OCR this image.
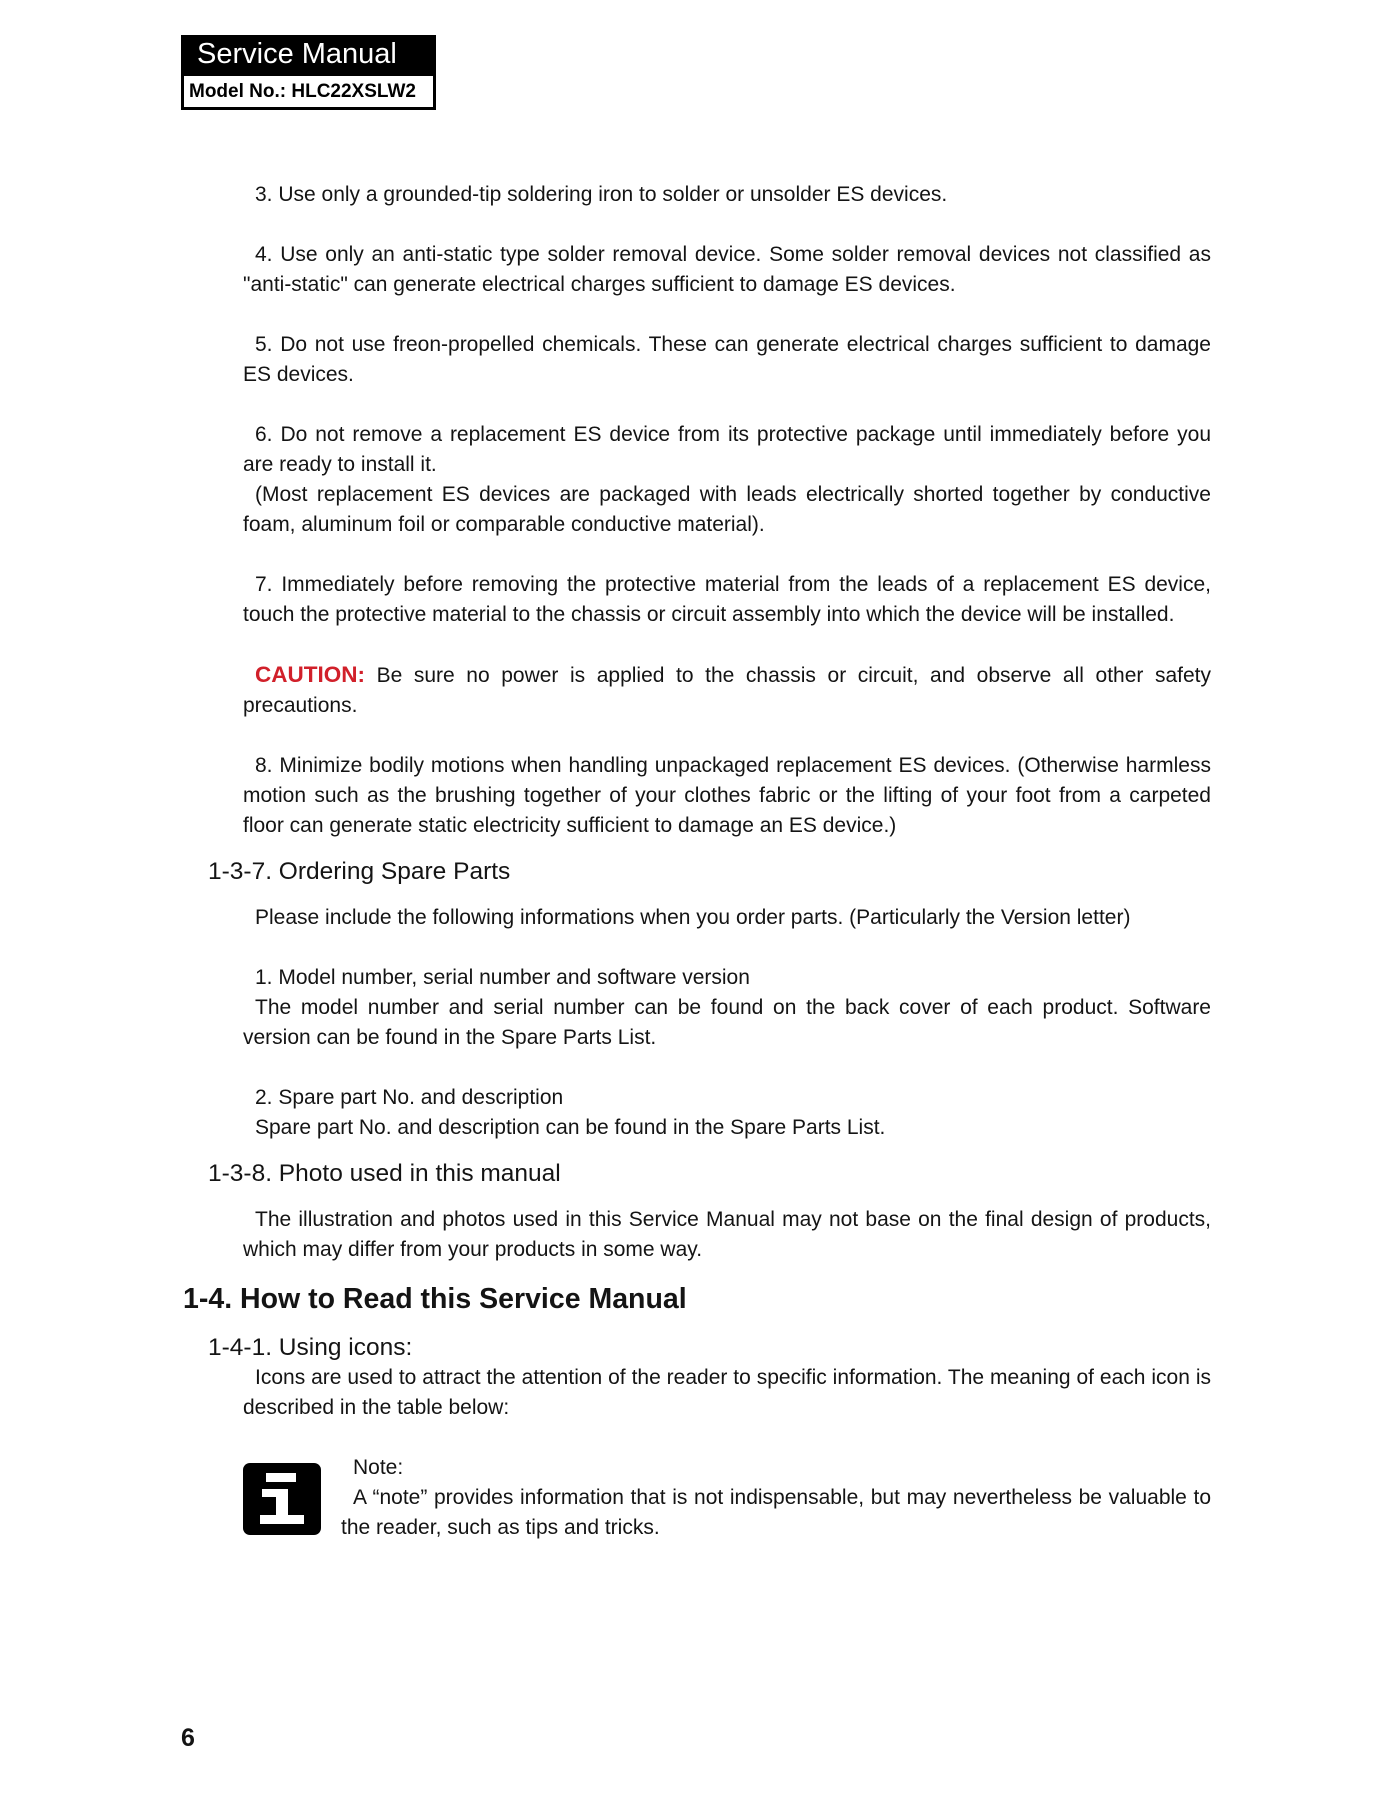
Service Manual
Model No.: HLC22XSLW2

3. Use only a grounded-tip soldering iron to solder or unsolder ES devices.

4. Use only an anti-static type solder removal device. Some solder removal devices not classified as "anti-static" can generate electrical charges sufficient to damage ES devices.

5. Do not use freon-propelled chemicals. These can generate electrical charges sufficient to damage ES devices.

6. Do not remove a replacement ES device from its protective package until immediately before you are ready to install it.

(Most replacement ES devices are packaged with leads electrically shorted together by conductive foam, aluminum foil or comparable conductive material).

7. Immediately before removing the protective material from the leads of a replacement ES device, touch the protective material to the chassis or circuit assembly into which the device will be installed.

CAUTION: Be sure no power is applied to the chassis or circuit, and observe all other safety precautions.

8. Minimize bodily motions when handling unpackaged replacement ES devices. (Otherwise harmless motion such as the brushing together of your clothes fabric or the lifting of your foot from a carpeted floor can generate static electricity sufficient to damage an ES device.)

1-3-7. Ordering Spare Parts

Please include the following informations when you order parts. (Particularly the Version letter)

1. Model number, serial number and software version

The model number and serial number can be found on the back cover of each product. Software version can be found in the Spare Parts List.

2. Spare part No. and description

Spare part No. and description can be found in the Spare Parts List.

1-3-8. Photo used in this manual

The illustration and photos used in this Service Manual may not base on the final design of products, which may differ from your products in some way.

1-4. How to Read this Service Manual
1-4-1. Using icons:

Icons are used to attract the attention of the reader to specific information. The meaning of each icon is described in the table below:

Note:

A “note” provides information that is not indispensable, but may nevertheless be valuable to the reader, such as tips and tricks.

6
